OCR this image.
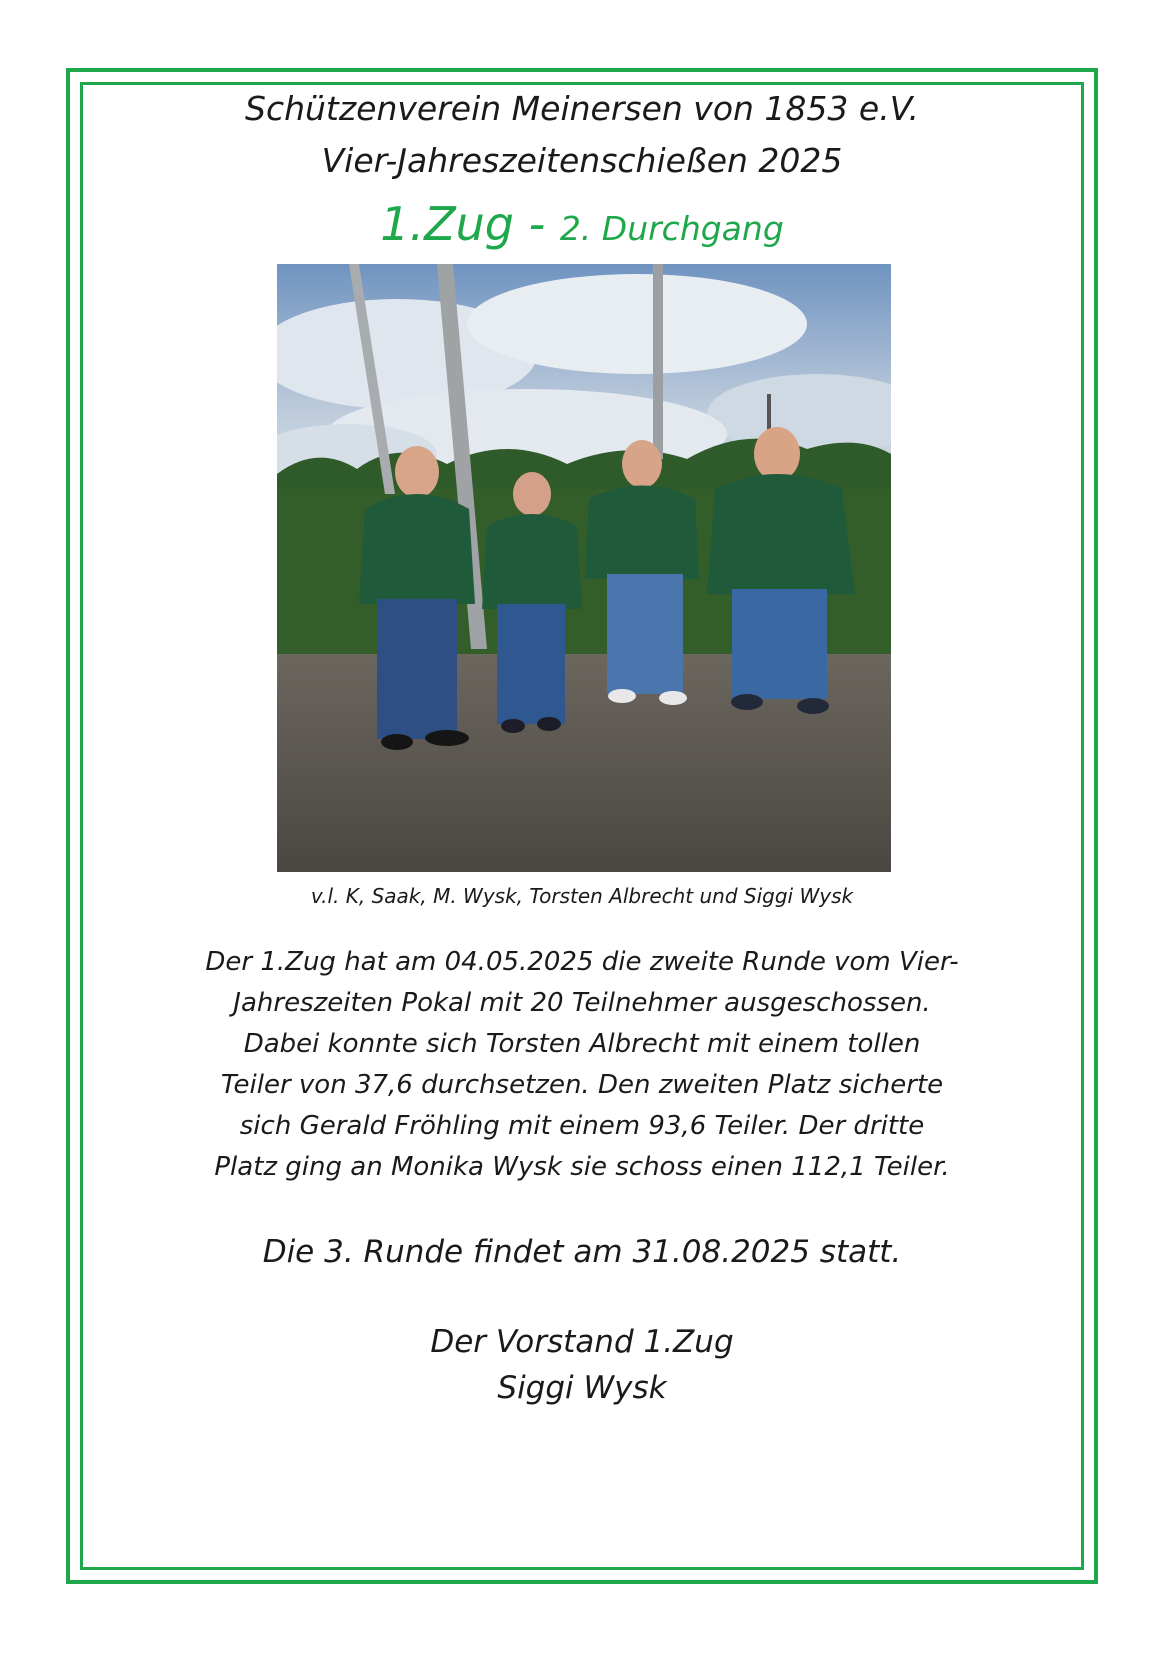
Schützenverein Meinersen von 1853 e.V.
Vier-Jahreszeitenschießen 2025
1.Zug - 2. Durchgang
v.l. K, Saak, M. Wysk, Torsten Albrecht und Siggi Wysk
Der 1.Zug hat am 04.05.2025 die zweite Runde vom Vier-
Jahreszeiten Pokal mit 20 Teilnehmer ausgeschossen.
Dabei konnte sich Torsten Albrecht mit einem tollen
Teiler von 37,6 durchsetzen. Den zweiten Platz sicherte
sich Gerald Fröhling mit einem 93,6 Teiler. Der dritte
Platz ging an Monika Wysk sie schoss einen 112,1 Teiler.
Die 3. Runde findet am 31.08.2025 statt.
Der Vorstand 1.Zug
Siggi Wysk
